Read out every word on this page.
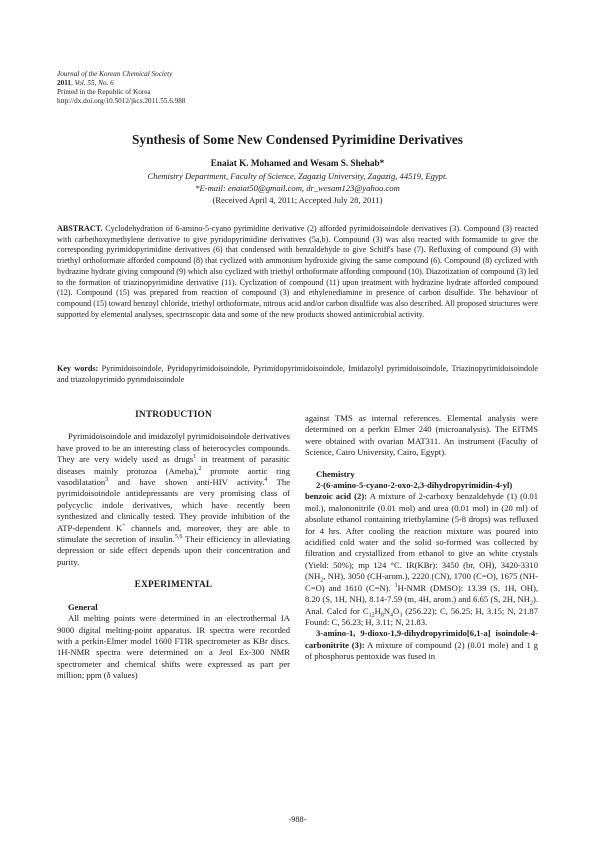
Journal of the Korean Chemical Society
2011, Vol. 55, No. 6
Printed in the Republic of Korea
http://dx.doi.org/10.5012/jkcs.2011.55.6.988
Synthesis of Some New Condensed Pyrimidine Derivatives
Enaiat K. Mohamed and Wesam S. Shehab*
Chemistry Department, Faculty of Science, Zagazig University, Zagazig, 44519, Egypt.
*E-mail: enaiat50@gmail.com, dr_wesam123@yahoo.com
(Received April 4, 2011; Accepted July 28, 2011)
ABSTRACT. Cyclodehydration of 6-amino-5-cyano pyrimidine derivative (2) afforded pyrimidoisoindole derivatives (3). Compound (3) reacted with carbethoxymethylene derivative to give pyridopyrimidine derivatives (5a,b). Compound (3) was also reacted with formamide to give the corresponding pyrimidopyrimidine derivatives (6) that condensed with benzaldehyde to give Schiff's base (7). Refluxing of compound (3) with triethyl orthoformate afforded compound (8) that cyclized with ammonium hydroxide giving the same compound (6). Compound (8) cyclized with hydrazine hydrate giving compound (9) which also cyclized with triethyl orthoformate affording compound (10). Diazotization of compound (3) led to the formation of triazinopyrimidine derivative (11). Cyclization of compound (11) upon treatment with hydrazine hydrate afforded compound (12). Compound (15) was prepared from reaction of compound (3) and ethylenediamine in presence of carbon disulfide. The behaviour of compound (15) toward benzoyl chloride, triethyl orthoformate, nitrous acid and/or carbon disulfide was also described. All proposed structures were supported by elemental analyses, spectroscopic data and some of the new products showed antimicrobial activity.
Key words: Pyrimidoisoindole, Pyridopyrimidoisoindole, Pyrimidopyrimidoisoindole, Imidazolyl pyrimidoisoindole, Triazinopyrimidoisoindole and triazolopyrimido pyrimdoisoindole
INTRODUCTION

Pyrimidoisoindole and imidazolyl pyrimidoisoindole derivatives have proved to be an interesting class of heterocycles compounds. They are very widely used as drugs$^1$ in treatment of parasitic diseases mainly protozoa (Ameba),$^2$ promote aortic ring vasodilatation$^3$ and have shown anti-HIV activity.$^4$ The pyrimidoisoindole antidepressants are very promising class of polycyclic indole derivatives, which have recently been synthesized and clinically tested. They provide inhibition of the ATP-dependent K+ channels and, moreover, they are able to stimulate the secretion of insulin.$^{5,6}$ Their efficiency in alleviating depression or side effect depends upon their concentration and purity.

EXPERIMENTAL

General

All melting points were determined in an electrothermal IA 9000 digital melting-point apparatus. IR spectra were recorded with a perkin-Elmer model 1600 FTIR spectrometer as KBr discs. 1H-NMR spectra were determined on a Jeol Ex-300 NMR spectrometer and chemical shifts were expressed as part per million; ppm (δ values)

against TMS as internal references. Elemental analysis were determined on a perkin Elmer 240 (microanalysis). The EITMS were obtained with ovarian MAT311. An instrument (Faculty of Science, Cairo University, Cairo, Egypt).

Chemistry

2-(6-amino-5-cyano-2-oxo-2,3-dihydropyrimidin-4-yl) benzoic acid (2): A mixture of 2-carboxy benzaldehyde (1) (0.01 mol.), malononitrile (0.01 mol) and urea (0.01 mol) in (20 ml) of absolute ethanol containing triethylamine (5-8 drops) was refluxed for 4 hrs. After cooling the reaction mixture was poured into acidified cold water and the solid so-formed was collected by filtration and crystallized from ethanol to give an white crystals (Yield: 50%); mp 124 °C. IR(KBr): 3450 (br, OH), 3420-3310 ($NH_2$, NH), 3050 (CH-arom.), 2220 (CN), 1700 (C=O), 1675 (NH-C=O) and 1610 (C=N). $^1$H-NMR (DMSO): 13.39 (S, 1H, OH), 8.20 (S, 1H, NH), 8.14-7.59 (m, 4H, arom.) and 6.65 (S, 2H, $NH_2$). Anal. Calcd for $C_{12}H_8N_4O_3$ (256.22); C, 56.25; H, 3.15; N, 21.87 Found: C, 56.23; H, 3.11; N, 21.83.

3-amino-1, 9-dioxo-1,9-dihydropyrimido[6,1-a] isoindole-4-carbonitrite (3): A mixture of compound (2) (0.01 mole) and 1 g of phosphorus pentoxide was fused in

-988-
